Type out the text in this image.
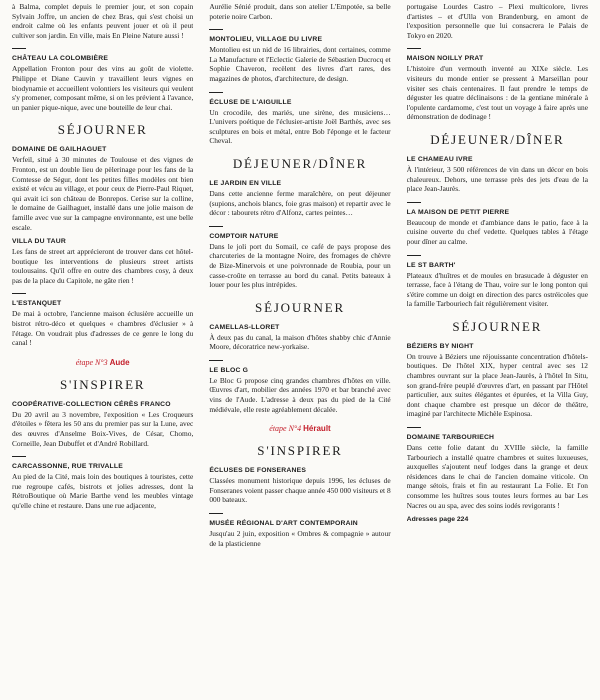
à Balma, complet depuis le premier jour, et son copain Sylvain Joffre, un ancien de chez Bras, qui s'est choisi un endroit calme où les enfants peuvent jouer et où il peut cultiver son jardin. En ville, mais En Pleine Nature aussi !

CHÂTEAU LA COLOMBIÈRE

Appellation Fronton pour des vins au goût de violette. Philippe et Diane Cauvin y travaillent leurs vignes en biodynamie et accueillent volontiers les visiteurs qui veulent s'y promener, composant même, si on les prévient à l'avance, un panier pique-nique, avec une bouteille de leur chai.

SÉJOURNER
DOMAINE DE GAILHAGUET

Verfeil, situé à 30 minutes de Toulouse et des vignes de Fronton, est un double lieu de pèlerinage pour les fans de la Comtesse de Ségur, dont les petites filles modèles ont bien existé et vécu au village, et pour ceux de Pierre-Paul Riquet, qui avait ici son château de Bonrepos. Cerise sur la colline, le domaine de Gailhaguet, installé dans une jolie maison de famille avec vue sur la campagne environnante, est une belle escale.

VILLA DU TAUR

Les fans de street art apprécieront de trouver dans cet hôtel-boutique les interventions de plusieurs street artists toulousains. Qu'il offre en outre des chambres cosy, à deux pas de la place du Capitole, ne gâte rien !

L'ESTANQUET

De mai à octobre, l'ancienne maison éclusière accueille un bistrot rétro-déco et quelques « chambres d'éclusier » à l'étage. On voudrait plus d'adresses de ce genre le long du canal !

étape N°3 Aude
S'INSPIRER
COOPÉRATIVE-COLLECTION CÉRÈS FRANCO

Du 20 avril au 3 novembre, l'exposition « Les Croqueurs d'étoiles » fêtera les 50 ans du premier pas sur la Lune, avec des œuvres d'Anselme Boix-Vives, de César, Chomo, Corneille, Jean Dubuffet et d'André Robillard.

CARCASSONNE, RUE TRIVALLE

Au pied de la Cité, mais loin des boutiques à touristes, cette rue regroupe cafés, bistrots et jolies adresses, dont la RétroBoutique où Marie Barthe vend les meubles vintage qu'elle chine et restaure. Dans une rue adjacente,

Aurélie Sénié produit, dans son atelier L'Empotée, sa belle poterie noire Carbon.

MONTOLIEU, VILLAGE DU LIVRE

Montolieu est un nid de 16 librairies, dont certaines, comme La Manufacture et l'Eclectic Galerie de Sébastien Ducrocq et Sophie Chaveron, recèlent des livres d'art rares, des magazines de photos, d'architecture, de design.

ÉCLUSE DE L'AIGUILLE

Un crocodile, des mariés, une sirène, des musiciens… L'univers poétique de l'éclusier-artiste Joël Barthès, avec ses sculptures en bois et métal, entre Bob l'éponge et le facteur Cheval.

DÉJEUNER/DÎNER
LE JARDIN EN VILLE

Dans cette ancienne ferme maraîchère, on peut déjeuner (supions, anchois blancs, foie gras maison) et repartir avec le décor : tabourets rétro d'Alfonz, cartes peintes…

COMPTOIR NATURE

Dans le joli port du Somail, ce café de pays propose des charcuteries de la montagne Noire, des fromages de chèvre de Bize-Minervois et une poivronnade de Roubia, pour un casse-croûte en terrasse au bord du canal. Petits bateaux à louer pour les plus intrépides.

SÉJOURNER
CAMELLAS-LLORET

À deux pas du canal, la maison d'hôtes shabby chic d'Annie Moore, décoratrice new-yorkaise.

LE BLOC G

Le Bloc G propose cinq grandes chambres d'hôtes en ville. Œuvres d'art, mobilier des années 1970 et bar branché avec vins de l'Aude. L'adresse à deux pas du pied de la Cité médiévale, elle reste agréablement décalée.

étape N°4 Hérault
S'INSPIRER
ÉCLUSES DE FONSERANES

Classées monument historique depuis 1996, les écluses de Fonseranes voient passer chaque année 450 000 visiteurs et 8 000 bateaux.

MUSÉE RÉGIONAL D'ART CONTEMPORAIN

Jusqu'au 2 juin, exposition « Ombres & compagnie » autour de la plasticienne

portugaise Lourdes Castro – Plexi multicolore, livres d'artistes – et d'Ulla von Brandenburg, en amont de l'exposition personnelle que lui consacrera le Palais de Tokyo en 2020.

MAISON NOILLY PRAT

L'histoire d'un vermouth inventé au XIXe siècle. Les visiteurs du monde entier se pressent à Marseillan pour visiter ses chais centenaires. Il faut prendre le temps de déguster les quatre déclinaisons : de la gentiane minérale à l'opulente cardamome, c'est tout un voyage à faire après une démonstration de dodinage !

DÉJEUNER/DÎNER
LE CHAMEAU IVRE

À l'intérieur, 3 500 références de vin dans un décor en bois chaleureux. Dehors, une terrasse près des jets d'eau de la place Jean-Jaurès.

LA MAISON DE PETIT PIERRE

Beaucoup de monde et d'ambiance dans le patio, face à la cuisine ouverte du chef vedette. Quelques tables à l'étage pour dîner au calme.

LE ST BARTH'

Plateaux d'huîtres et de moules en brasucade à déguster en terrasse, face à l'étang de Thau, voire sur le long ponton qui s'étire comme un doigt en direction des parcs ostréicoles que la famille Tarbouriech fait régulièrement visiter.

SÉJOURNER
BÉZIERS BY NIGHT

On trouve à Béziers une réjouissante concentration d'hôtels-boutiques. De l'hôtel XIX, hyper central avec ses 12 chambres ouvrant sur la place Jean-Jaurès, à l'hôtel In Situ, son grand-frère peuplé d'œuvres d'art, en passant par l'Hôtel particulier, aux suites élégantes et épurées, et la Villa Guy, dont chaque chambre est presque un décor de théâtre, imaginé par l'architecte Michèle Espinosa.

DOMAINE TARBOURIECH

Dans cette folie datant du XVIIIe siècle, la famille Tarbouriech a installé quatre chambres et suites luxueuses, auxquelles s'ajoutent neuf lodges dans la grange et deux résidences dans le chai de l'ancien domaine viticole. On mange sétois, frais et fin au restaurant La Folie. Et l'on consomme les huîtres sous toutes leurs formes au bar Les Nacres ou au spa, avec des soins iodés revigorants !

Adresses page 224
